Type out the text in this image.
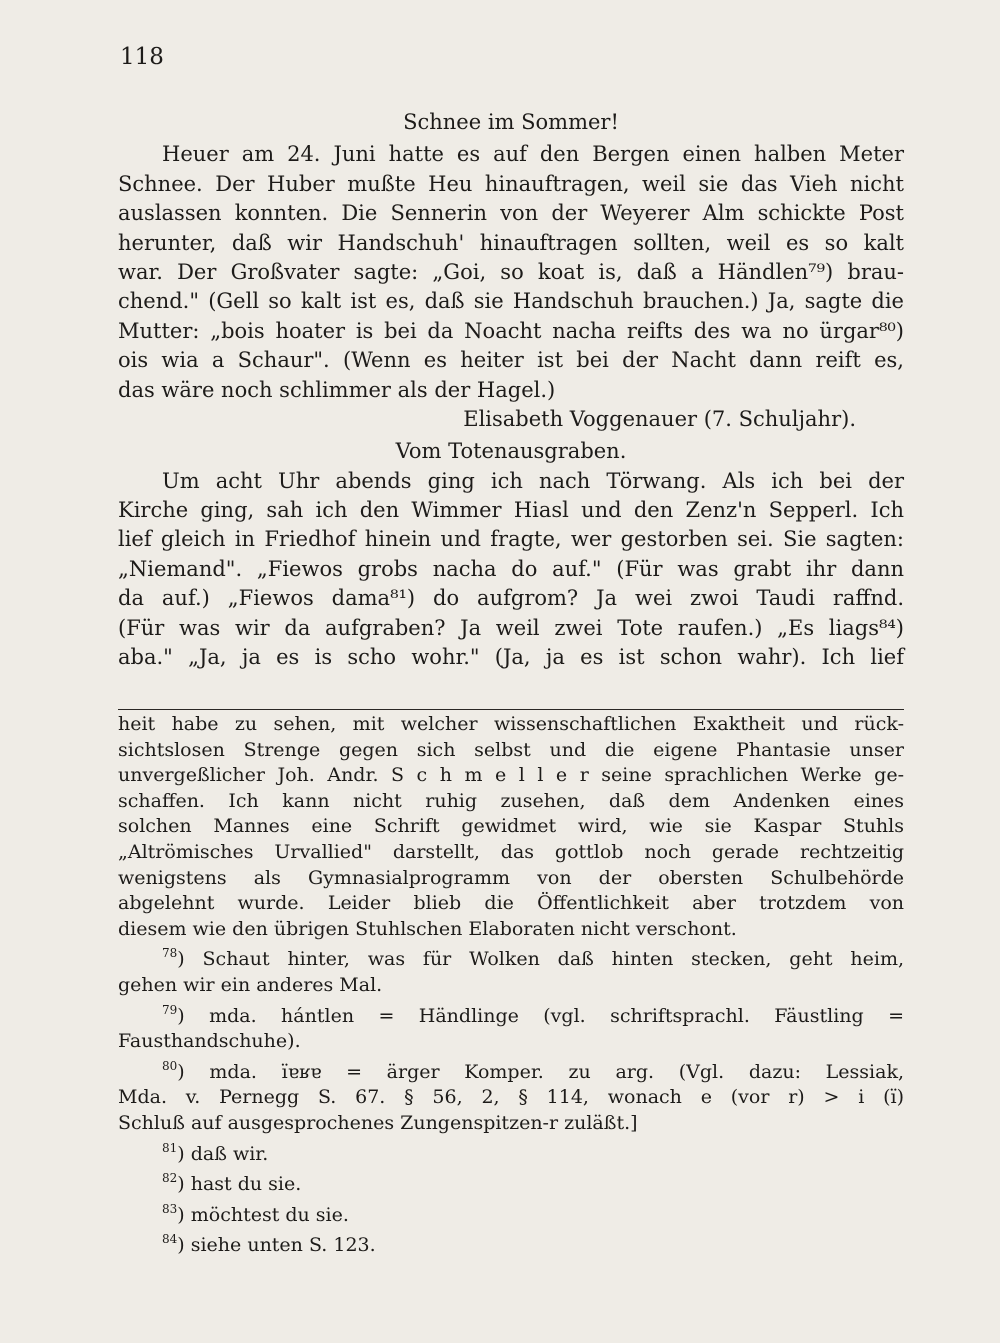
118
Schnee im Sommer!
Heuer am 24. Juni hatte es auf den Bergen einen halben Meter
Schnee. Der Huber mußte Heu hinauftragen, weil sie das Vieh nicht
auslassen konnten. Die Sennerin von der Weyerer Alm schickte Post
herunter, daß wir Handschuh' hinauftragen sollten, weil es so kalt
war. Der Großvater sagte: „Goi, so koat is, daß a Händlen⁷⁹) brau-
chend." (Gell so kalt ist es, daß sie Handschuh brauchen.) Ja, sagte die
Mutter: „bois hoater is bei da Noacht nacha reifts des wa no ürgar⁸⁰)
ois wia a Schaur". (Wenn es heiter ist bei der Nacht dann reift es,
das wäre noch schlimmer als der Hagel.)
Elisabeth Voggenauer (7. Schuljahr).
Vom Totenausgraben.
Um acht Uhr abends ging ich nach Törwang. Als ich bei der
Kirche ging, sah ich den Wimmer Hiasl und den Zenz'n Sepperl. Ich
lief gleich in Friedhof hinein und fragte, wer gestorben sei. Sie sagten:
„Niemand". „Fiewos grobs nacha do auf." (Für was grabt ihr dann
da auf.) „Fiewos dama⁸¹) do aufgrom? Ja wei zwoi Taudi raffnd.
(Für was wir da aufgraben? Ja weil zwei Tote raufen.) „Es liags⁸⁴)
aba." „Ja, ja es is scho wohr." (Ja, ja es ist schon wahr). Ich lief
heit habe zu sehen, mit welcher wissenschaftlichen Exaktheit und rück-
sichtslosen Strenge gegen sich selbst und die eigene Phantasie unser
unvergeßlicher Joh. Andr. S c h m e l l e r seine sprachlichen Werke ge-
schaffen. Ich kann nicht ruhig zusehen, daß dem Andenken eines
solchen Mannes eine Schrift gewidmet wird, wie sie Kaspar Stuhls
„Altrömisches Urvallied" darstellt, das gottlob noch gerade rechtzeitig
wenigstens als Gymnasialprogramm von der obersten Schulbehörde
abgelehnt wurde. Leider blieb die Öffentlichkeit aber trotzdem von
diesem wie den übrigen Stuhlschen Elaboraten nicht verschont.
$^{78}$) Schaut hinter, was für Wolken daß hinten stecken, geht heim,
gehen wir ein anderes Mal.
$^{79}$) mda. hántlen = Händlinge (vgl. schriftsprachl. Fäustling =
Fausthandschuhe).
$^{80}$) mda. ïɐʁɐ = ärger Komper. zu arg. (Vgl. dazu: Lessiak,
Mda. v. Pernegg S. 67. § 56, 2, § 114, wonach e (vor r) > i (ï)
Schluß auf ausgesprochenes Zungenspitzen-r zuläßt.]
$^{81}$) daß wir.
$^{82}$) hast du sie.
$^{83}$) möchtest du sie.
$^{84}$) siehe unten S. 123.
